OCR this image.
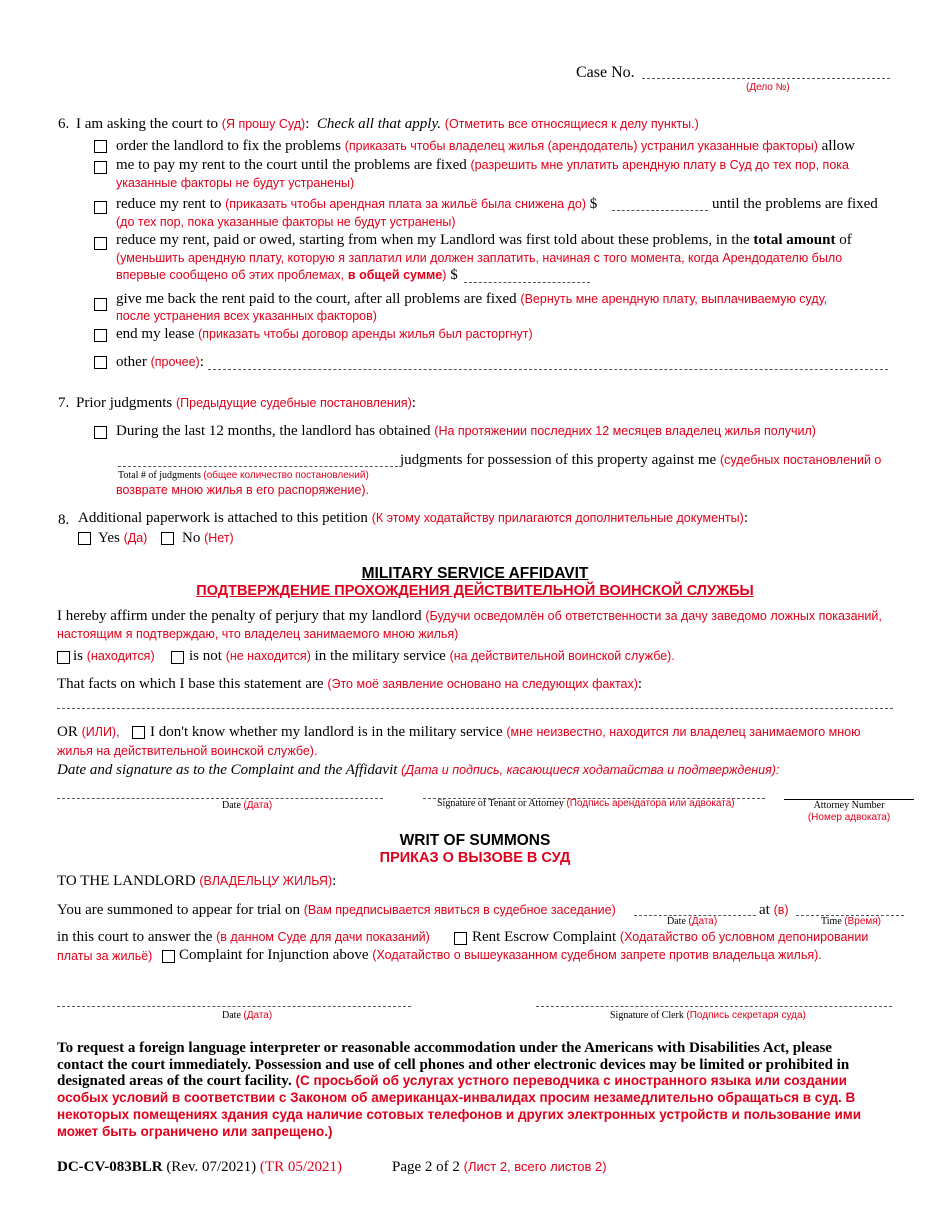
Case No.
(Дело №)
6. I am asking the court to (Я прошу Суд): Check all that apply. (Отметить все относящиеся к делу пункты.)
order the landlord to fix the problems (приказать чтобы владелец жилья (арендодатель) устранил указанные факторы) allow
me to pay my rent to the court until the problems are fixed (разрешить мне уплатить арендную плату в Суд до тех пор, пока
указанные факторы не будут устранены)
reduce my rent to (приказать чтобы арендная плата за жильё была снижена до) $	until the problems are fixed
(до тех пор, пока указанные факторы не будут устранены)
reduce my rent, paid or owed, starting from when my Landlord was first told about these problems, in the total amount of
(уменьшить арендную плату, которую я заплатил или должен заплатить, начиная с того момента, когда Арендодателю было
впервые сообщено об этих проблемах, в общей сумме) $
give me back the rent paid to the court, after all problems are fixed (Вернуть мне арендную плату, выплачиваемую суду,
после устранения всех указанных факторов)
end my lease (приказать чтобы договор аренды жилья был расторгнут)
other (прочее):
7. Prior judgments (Предыдущие судебные постановления):
During the last 12 months, the landlord has obtained (На протяжении последних 12 месяцев владелец жилья получил)
judgments for possession of this property against me (судебных постановлений о
Total # of judgments (общее количество постановлений)
возврате мною жилья в его распоряжение).
8. Additional paperwork is attached to this petition (К этому ходатайству прилагаются дополнительные документы):
Yes (Да) No (Нет)
MILITARY SERVICE AFFIDAVIT
ПОДТВЕРЖДЕНИЕ ПРОХОЖДЕНИЯ ДЕЙСТВИТЕЛЬНОЙ ВОИНСКОЙ СЛУЖБЫ
I hereby affirm under the penalty of perjury that my landlord (Будучи осведомлён об ответственности за дачу заведомо ложных показаний,
настоящим я подтверждаю, что владелец занимаемого мною жилья)
is (находится) is not (не находится) in the military service (на действительной воинской службе).
That facts on which I base this statement are (Это моё заявление основано на следующих фактах):
OR (ИЛИ), I don't know whether my landlord is in the military service (мне неизвестно, находится ли владелец занимаемого мною
жилья на действительной воинской службе).
Date and signature as to the Complaint and the Affidavit (Дата и подпись, касающиеся ходатайства и подтверждения):
Date (Дата)	Signature of Tenant or Attorney (Подпись арендатора или адвоката)	Attorney Number
(Номер адвоката)
WRIT OF SUMMONS
ПРИКАЗ О ВЫЗОВЕ В СУД
TO THE LANDLORD (ВЛАДЕЛЬЦУ ЖИЛЬЯ):
You are summoned to appear for trial on (Вам предписывается явиться в судебное заседание)
Date (Дата)
at (в)
Time (Время)
in this court to answer the (в данном Суде для дачи показаний)	Rent Escrow Complaint (Ходатайство об условном депонировании
платы за жильё) Complaint for Injunction above (Ходатайство о вышеуказанном судебном запрете против владельца жилья).
Date (Дата)	Signature of Clerk (Подпись секретаря суда)
To request a foreign language interpreter or reasonable accommodation under the Americans with Disabilities Act, please
contact the court immediately. Possession and use of cell phones and other electronic devices may be limited or prohibited in
designated areas of the court facility. (С просьбой об услугах устного переводчика с иностранного языка или создании
особых условий в соответствии с Законом об американцах-инвалидах просим незамедлительно обращаться в суд. В
некоторых помещениях здания суда наличие сотовых телефонов и других электронных устройств и пользование ими
может быть ограничено или запрещено.)
DC-CV-083BLR (Rev. 07/2021) (TR 05/2021)	Page 2 of 2 (Лист 2, всего листов 2)
